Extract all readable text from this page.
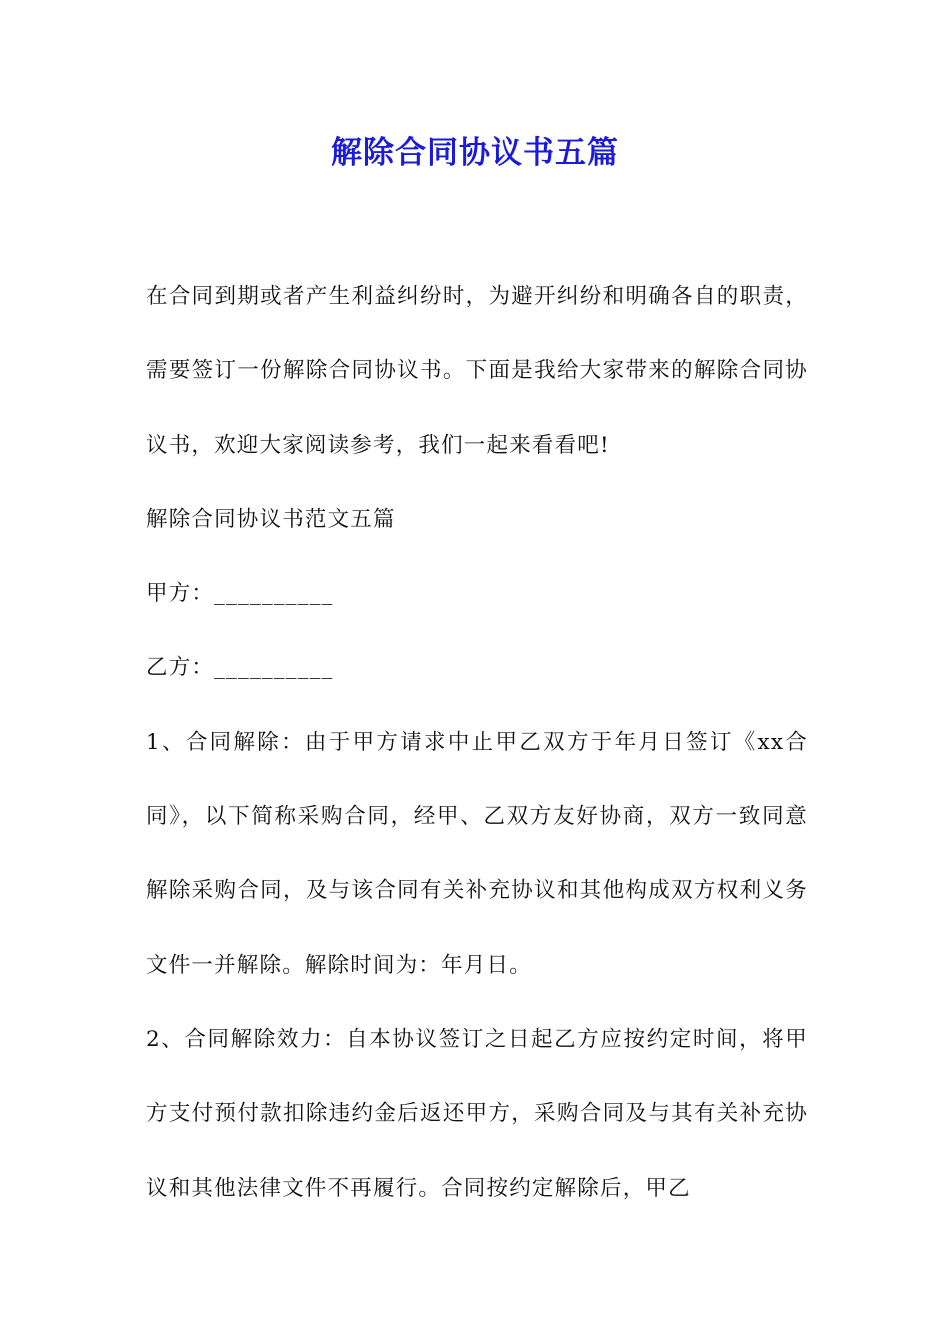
解除合同协议书五篇

在合同到期或者产生利益纠纷时，为避开纠纷和明确各自的职责，需要签订一份解除合同协议书。下面是我给大家带来的解除合同协议书，欢迎大家阅读参考，我们一起来看看吧!

解除合同协议书范文五篇

甲方：__________

乙方：__________

1、合同解除：由于甲方请求中止甲乙双方于年月日签订《xx合同》，以下简称采购合同，经甲、乙双方友好协商，双方一致同意解除采购合同，及与该合同有关补充协议和其他构成双方权利义务文件一并解除。解除时间为：年月日。

2、合同解除效力：自本协议签订之日起乙方应按约定时间，将甲方支付预付款扣除违约金后返还甲方，采购合同及与其有关补充协议和其他法律文件不再履行。合同按约定解除后，甲乙
